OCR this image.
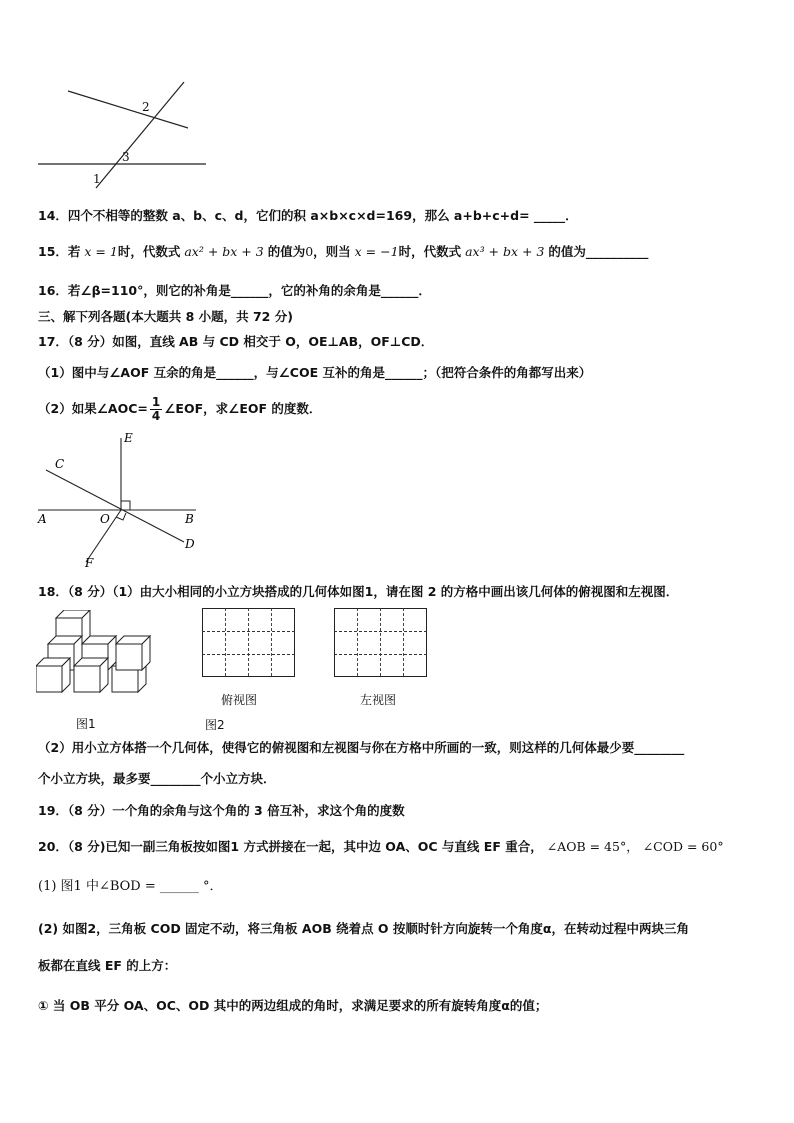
2
3
1
14．四个不相等的整数 a、b、c、d，它们的积 a×b×c×d=169，那么 a+b+c+d= _____．
15．若 x = 1时，代数式 ax² + bx + 3 的值为0，则当 x = −1时，代数式 ax³ + bx + 3 的值为__________
16．若∠β=110°，则它的补角是______，它的补角的余角是______．
三、解下列各题(本大题共 8 小题，共 72 分)
17．（8 分）如图，直线 AB 与 CD 相交于 O，OE⊥AB，OF⊥CD．
（1）图中与∠AOF 互余的角是______，与∠COE 互补的角是______；（把符合条件的角都写出来）
（2）如果∠AOC= $\frac{1}{4}$ ∠EOF，求∠EOF 的度数．
E
C
A	O	B
D
F
18．（8 分）（1）由大小相同的小立方块搭成的几何体如图1，请在图 2 的方格中画出该几何体的俯视图和左视图．
图1
俯视图	左视图
图2
（2）用小立方体搭一个几何体，使得它的俯视图和左视图与你在方格中所画的一致，则这样的几何体最少要________
个小立方块，最多要________个小立方块．
19．（8 分）一个角的余角与这个角的 3 倍互补，求这个角的度数
20．（8 分)已知一副三角板按如图1 方式拼接在一起，其中边 OA、OC 与直线 EF 重合， ∠AOB = 45°， ∠COD = 60°
(1) 图1 中∠BOD = ______ °．
(2) 如图2，三角板 COD 固定不动，将三角板 AOB 绕着点 O 按顺时针方向旋转一个角度α，在转动过程中两块三角
板都在直线 EF 的上方：
① 当 OB 平分 OA、OC、OD 其中的两边组成的角时，求满足要求的所有旋转角度α的值；
